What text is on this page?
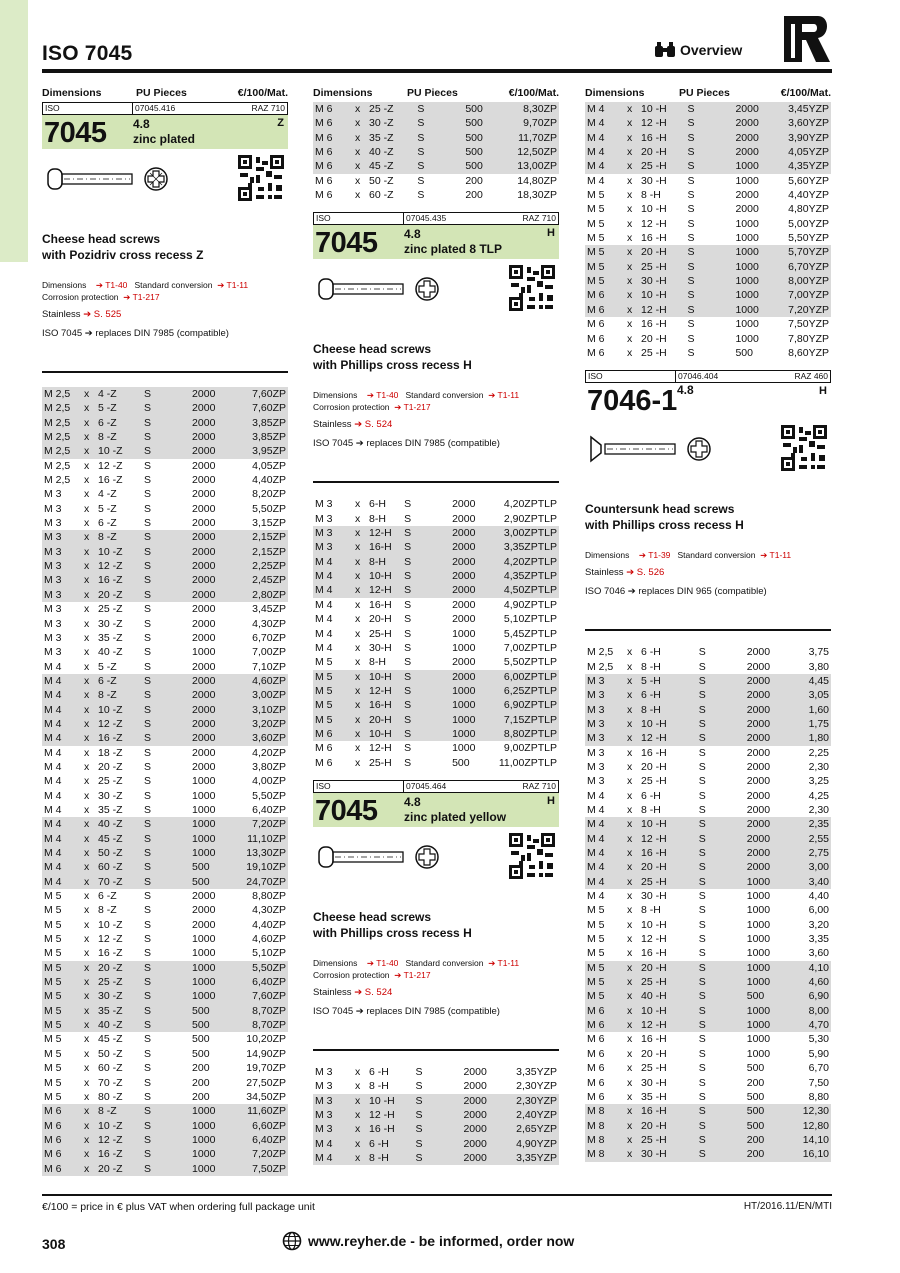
ISO 7045	Overview
Dimensions	PU Pieces	€/100/Mat.
ISO	07045.416	RAZ 710
7045 4.8
zinc plated
Z
Cheese head screws
with Pozidriv cross recess Z
Dimensions ➔ T1-40 Standard conversion ➔ T1-11
Corrosion protection ➔ T1-217
Stainless ➔ S. 525
ISO 7045 ➔ replaces DIN 7985 (compatible)
M 2,5	x	4 -Z	S	2000	7,60ZP
M 2,5	x	5 -Z	S	2000	7,60ZP
M 2,5	x	6 -Z	S	2000	3,85ZP
M 2,5	x	8 -Z	S	2000	3,85ZP
M 2,5	x	10 -Z	S	2000	3,95ZP
M 2,5	x	12 -Z	S	2000	4,05ZP
M 2,5	x	16 -Z	S	2000	4,40ZP
M 3	x	4 -Z	S	2000	8,20ZP
M 3	x	5 -Z	S	2000	5,50ZP
M 3	x	6 -Z	S	2000	3,15ZP
M 3	x	8 -Z	S	2000	2,15ZP
M 3	x	10 -Z	S	2000	2,15ZP
M 3	x	12 -Z	S	2000	2,25ZP
M 3	x	16 -Z	S	2000	2,45ZP
M 3	x	20 -Z	S	2000	2,80ZP
M 3	x	25 -Z	S	2000	3,45ZP
M 3	x	30 -Z	S	2000	4,30ZP
M 3	x	35 -Z	S	2000	6,70ZP
M 3	x	40 -Z	S	1000	7,00ZP
M 4	x	5 -Z	S	2000	7,10ZP
M 4	x	6 -Z	S	2000	4,60ZP
M 4	x	8 -Z	S	2000	3,00ZP
M 4	x	10 -Z	S	2000	3,10ZP
M 4	x	12 -Z	S	2000	3,20ZP
M 4	x	16 -Z	S	2000	3,60ZP
M 4	x	18 -Z	S	2000	4,20ZP
M 4	x	20 -Z	S	2000	3,80ZP
M 4	x	25 -Z	S	1000	4,00ZP
M 4	x	30 -Z	S	1000	5,50ZP
M 4	x	35 -Z	S	1000	6,40ZP
M 4	x	40 -Z	S	1000	7,20ZP
M 4	x	45 -Z	S	1000	11,10ZP
M 4	x	50 -Z	S	1000	13,30ZP
M 4	x	60 -Z	S	500	19,10ZP
M 4	x	70 -Z	S	500	24,70ZP
M 5	x	6 -Z	S	2000	8,80ZP
M 5	x	8 -Z	S	2000	4,30ZP
M 5	x	10 -Z	S	2000	4,40ZP
M 5	x	12 -Z	S	1000	4,60ZP
M 5	x	16 -Z	S	1000	5,10ZP
M 5	x	20 -Z	S	1000	5,50ZP
M 5	x	25 -Z	S	1000	6,40ZP
M 5	x	30 -Z	S	1000	7,60ZP
M 5	x	35 -Z	S	500	8,70ZP
M 5	x	40 -Z	S	500	8,70ZP
M 5	x	45 -Z	S	500	10,20ZP
M 5	x	50 -Z	S	500	14,90ZP
M 5	x	60 -Z	S	200	19,70ZP
M 5	x	70 -Z	S	200	27,50ZP
M 5	x	80 -Z	S	200	34,50ZP
M 6	x	8 -Z	S	1000	11,60ZP
M 6	x	10 -Z	S	1000	6,60ZP
M 6	x	12 -Z	S	1000	6,40ZP
M 6	x	16 -Z	S	1000	7,20ZP
M 6	x	20 -Z	S	1000	7,50ZP
Dimensions	PU Pieces	€/100/Mat.
M 6	x	25 -Z	S	500	8,30ZP
M 6	x	30 -Z	S	500	9,70ZP
M 6	x	35 -Z	S	500	11,70ZP
M 6	x	40 -Z	S	500	12,50ZP
M 6	x	45 -Z	S	500	13,00ZP
M 6	x	50 -Z	S	200	14,80ZP
M 6	x	60 -Z	S	200	18,30ZP
ISO	07045.435	RAZ 710
7045 4.8
zinc plated 8 TLP
H
Cheese head screws
with Phillips cross recess H
Dimensions ➔ T1-40 Standard conversion ➔ T1-11
Corrosion protection ➔ T1-217
Stainless ➔ S. 524
ISO 7045 ➔ replaces DIN 7985 (compatible)
M 3	x	6-H	S	2000	4,20ZPTLP
M 3	x	8-H	S	2000	2,90ZPTLP
M 3	x	12-H	S	2000	3,00ZPTLP
M 3	x	16-H	S	2000	3,35ZPTLP
M 4	x	8-H	S	2000	4,20ZPTLP
M 4	x	10-H	S	2000	4,35ZPTLP
M 4	x	12-H	S	2000	4,50ZPTLP
M 4	x	16-H	S	2000	4,90ZPTLP
M 4	x	20-H	S	2000	5,10ZPTLP
M 4	x	25-H	S	1000	5,45ZPTLP
M 4	x	30-H	S	1000	7,00ZPTLP
M 5	x	8-H	S	2000	5,50ZPTLP
M 5	x	10-H	S	2000	6,00ZPTLP
M 5	x	12-H	S	1000	6,25ZPTLP
M 5	x	16-H	S	1000	6,90ZPTLP
M 5	x	20-H	S	1000	7,15ZPTLP
M 6	x	10-H	S	1000	8,80ZPTLP
M 6	x	12-H	S	1000	9,00ZPTLP
M 6	x	25-H	S	500	11,00ZPTLP
ISO	07045.464	RAZ 710
7045 4.8
zinc plated yellow
H
Cheese head screws
with Phillips cross recess H
Dimensions ➔ T1-40 Standard conversion ➔ T1-11
Corrosion protection ➔ T1-217
Stainless ➔ S. 524
ISO 7045 ➔ replaces DIN 7985 (compatible)
M 3	x	6 -H	S	2000	3,35YZP
M 3	x	8 -H	S	2000	2,30YZP
M 3	x	10 -H	S	2000	2,30YZP
M 3	x	12 -H	S	2000	2,40YZP
M 3	x	16 -H	S	2000	2,65YZP
M 4	x	6 -H	S	2000	4,90YZP
M 4	x	8 -H	S	2000	3,35YZP
Dimensions	PU Pieces	€/100/Mat.
M 4	x	10 -H	S	2000	3,45YZP
M 4	x	12 -H	S	2000	3,60YZP
M 4	x	16 -H	S	2000	3,90YZP
M 4	x	20 -H	S	2000	4,05YZP
M 4	x	25 -H	S	1000	4,35YZP
M 4	x	30 -H	S	1000	5,60YZP
M 5	x	8 -H	S	2000	4,40YZP
M 5	x	10 -H	S	2000	4,80YZP
M 5	x	12 -H	S	1000	5,00YZP
M 5	x	16 -H	S	1000	5,50YZP
M 5	x	20 -H	S	1000	5,70YZP
M 5	x	25 -H	S	1000	6,70YZP
M 5	x	30 -H	S	1000	8,00YZP
M 6	x	10 -H	S	1000	7,00YZP
M 6	x	12 -H	S	1000	7,20YZP
M 6	x	16 -H	S	1000	7,50YZP
M 6	x	20 -H	S	1000	7,80YZP
M 6	x	25 -H	S	500	8,60YZP
ISO	07046.404	RAZ 460
7046-1 4.8	H
Countersunk head screws
with Phillips cross recess H
Dimensions ➔ T1-39 Standard conversion ➔ T1-11
Stainless ➔ S. 526
ISO 7046 ➔ replaces DIN 965 (compatible)
M 2,5	x	6 -H	S	2000	3,75
M 2,5	x	8 -H	S	2000	3,80
M 3	x	5 -H	S	2000	4,45
M 3	x	6 -H	S	2000	3,05
M 3	x	8 -H	S	2000	1,60
M 3	x	10 -H	S	2000	1,75
M 3	x	12 -H	S	2000	1,80
M 3	x	16 -H	S	2000	2,25
M 3	x	20 -H	S	2000	2,30
M 3	x	25 -H	S	2000	3,25
M 4	x	6 -H	S	2000	4,25
M 4	x	8 -H	S	2000	2,30
M 4	x	10 -H	S	2000	2,35
M 4	x	12 -H	S	2000	2,55
M 4	x	16 -H	S	2000	2,75
M 4	x	20 -H	S	2000	3,00
M 4	x	25 -H	S	1000	3,40
M 4	x	30 -H	S	1000	4,40
M 5	x	8 -H	S	1000	6,00
M 5	x	10 -H	S	1000	3,20
M 5	x	12 -H	S	1000	3,35
M 5	x	16 -H	S	1000	3,60
M 5	x	20 -H	S	1000	4,10
M 5	x	25 -H	S	1000	4,60
M 5	x	40 -H	S	500	6,90
M 6	x	10 -H	S	1000	8,00
M 6	x	12 -H	S	1000	4,70
M 6	x	16 -H	S	1000	5,30
M 6	x	20 -H	S	1000	5,90
M 6	x	25 -H	S	500	6,70
M 6	x	30 -H	S	200	7,50
M 6	x	35 -H	S	500	8,80
M 8	x	16 -H	S	500	12,30
M 8	x	20 -H	S	500	12,80
M 8	x	25 -H	S	200	14,10
M 8	x	30 -H	S	200	16,10
€/100 = price in € plus VAT when ordering full package unit	HT/2016.11/EN/MTI
308	www.reyher.de - be informed, order now
